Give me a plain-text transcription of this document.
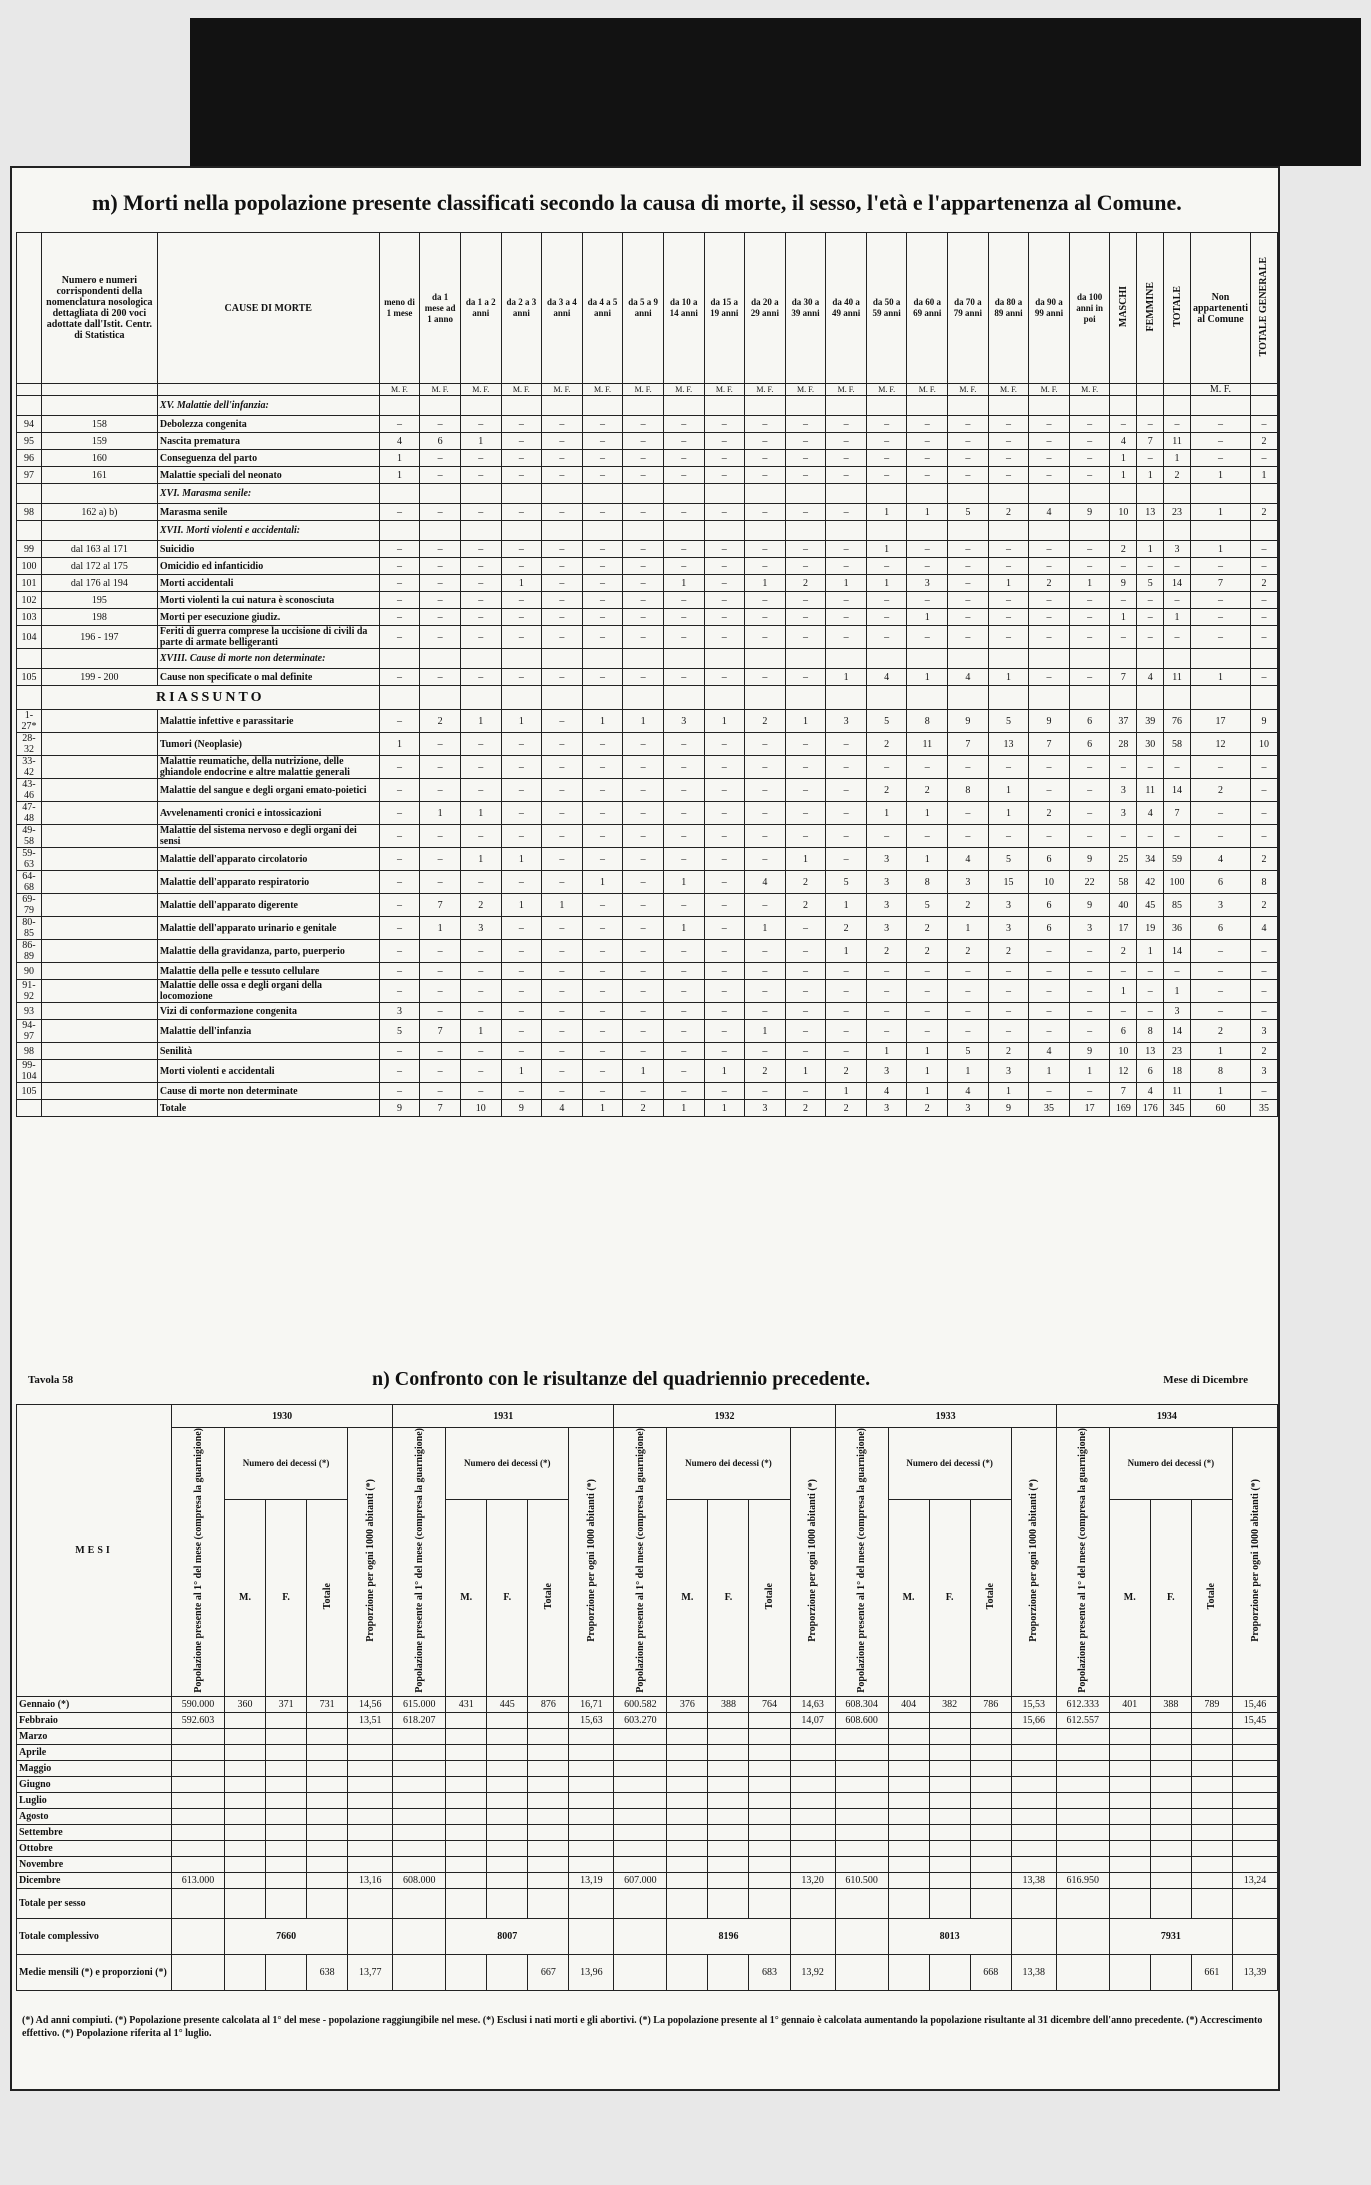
m) Morti nella popolazione presente classificati secondo la causa di morte, il sesso, l'età e l'appartenenza al Comune.
	Numero e numeri corrispondenti della nomenclatura nosologica dettagliata di 200 voci adottate dall'Istit. Centr. di Statistica	CAUSE DI MORTE	meno di 1 mese	da 1 mese ad 1 anno	da 1 a 2 anni	da 2 a 3 anni	da 3 a 4 anni	da 4 a 5 anni	da 5 a 9 anni	da 10 a 14 anni	da 15 a 19 anni	da 20 a 29 anni	da 30 a 39 anni	da 40 a 49 anni	da 50 a 59 anni	da 60 a 69 anni	da 70 a 79 anni	da 80 a 89 anni	da 90 a 99 anni	da 100 anni in poi	MASCHI	FEMMINE	TOTALE	Non appartenenti al Comune	TOTALE GENERALE
			M. F.	M. F.	M. F.	M. F.	M. F.	M. F.	M. F.	M. F.	M. F.	M. F.	M. F.	M. F.	M. F.	M. F.	M. F.	M. F.	M. F.	M. F.				M. F.	
		XV. Malattie dell'infanzia:																							
94	158	Debolezza congenita	–	–	–	–	–	–	–	–	–	–	–	–	–	–	–	–	–	–	–	–	–	–	–
95	159	Nascita prematura	4	6	1	–	–	–	–	–	–	–	–	–	–	–	–	–	–	–	4	7	11	–	2
96	160	Conseguenza del parto	1	–	–	–	–	–	–	–	–	–	–	–	–	–	–	–	–	–	1	–	1	–	–
97	161	Malattie speciali del neonato	1	–	–	–	–	–	–	–	–	–	–	–	–	–	–	–	–	–	1	1	2	1	1
		XVI. Marasma senile:																							
98	162 a) b)	Marasma senile	–	–	–	–	–	–	–	–	–	–	–	–	1	1	5	2	4	9	10	13	23	1	2
		XVII. Morti violenti e accidentali:																							
99	dal 163 al 171	Suicidio	–	–	–	–	–	–	–	–	–	–	–	–	1	–	–	–	–	–	2	1	3	1	–
100	dal 172 al 175	Omicidio ed infanticidio	–	–	–	–	–	–	–	–	–	–	–	–	–	–	–	–	–	–	–	–	–	–	–
101	dal 176 al 194	Morti accidentali	–	–	–	1	–	–	–	1	–	1	2	1	1	3	–	1	2	1	9	5	14	7	2
102	195	Morti violenti la cui natura è sconosciuta	–	–	–	–	–	–	–	–	–	–	–	–	–	–	–	–	–	–	–	–	–	–	–
103	198	Morti per esecuzione giudiz.	–	–	–	–	–	–	–	–	–	–	–	–	–	1	–	–	–	–	1	–	1	–	–
104	196 - 197	Feriti di guerra comprese la uccisione di civili da parte di armate belligeranti	–	–	–	–	–	–	–	–	–	–	–	–	–	–	–	–	–	–	–	–	–	–	–
		XVIII. Cause di morte non determinate:																							
105	199 - 200	Cause non specificate o mal definite	–	–	–	–	–	–	–	–	–	–	–	1	4	1	4	1	–	–	7	4	11	1	–
	RIASSUNTO																								
1-27*		Malattie infettive e parassitarie	–	2	1	1	–	1	1	3	1	2	1	3	5	8	9	5	9	6	37	39	76	17	9
28-32		Tumori (Neoplasie)	1	–	–	–	–	–	–	–	–	–	–	–	2	11	7	13	7	6	28	30	58	12	10
33-42		Malattie reumatiche, della nutrizione, delle ghiandole endocrine e altre malattie generali	–	–	–	–	–	–	–	–	–	–	–	–	–	–	–	–	–	–	–	–	–	–	–
43-46		Malattie del sangue e degli organi emato-poietici	–	–	–	–	–	–	–	–	–	–	–	–	2	2	8	1	–	–	3	11	14	2	–
47-48		Avvelenamenti cronici e intossicazioni	–	1	1	–	–	–	–	–	–	–	–	–	1	1	–	1	2	–	3	4	7	–	–
49-58		Malattie del sistema nervoso e degli organi dei sensi	–	–	–	–	–	–	–	–	–	–	–	–	–	–	–	–	–	–	–	–	–	–	–
59-63		Malattie dell'apparato circolatorio	–	–	1	1	–	–	–	–	–	–	1	–	3	1	4	5	6	9	25	34	59	4	2
64-68		Malattie dell'apparato respiratorio	–	–	–	–	–	1	–	1	–	4	2	5	3	8	3	15	10	22	58	42	100	6	8
69-79		Malattie dell'apparato digerente	–	7	2	1	1	–	–	–	–	–	2	1	3	5	2	3	6	9	40	45	85	3	2
80-85		Malattie dell'apparato urinario e genitale	–	1	3	–	–	–	–	1	–	1	–	2	3	2	1	3	6	3	17	19	36	6	4
86-89		Malattie della gravidanza, parto, puerperio	–	–	–	–	–	–	–	–	–	–	–	1	2	2	2	2	–	–	2	1	14	–	–
90		Malattie della pelle e tessuto cellulare	–	–	–	–	–	–	–	–	–	–	–	–	–	–	–	–	–	–	–	–	–	–	–
91-92		Malattie delle ossa e degli organi della locomozione	–	–	–	–	–	–	–	–	–	–	–	–	–	–	–	–	–	–	1	–	1	–	–
93		Vizi di conformazione congenita	3	–	–	–	–	–	–	–	–	–	–	–	–	–	–	–	–	–	–	–	3	–	–
94-97		Malattie dell'infanzia	5	7	1	–	–	–	–	–	–	1	–	–	–	–	–	–	–	–	6	8	14	2	3
98		Senilità	–	–	–	–	–	–	–	–	–	–	–	–	1	1	5	2	4	9	10	13	23	1	2
99-104		Morti violenti e accidentali	–	–	–	1	–	–	1	–	1	2	1	2	3	1	1	3	1	1	12	6	18	8	3
105		Cause di morte non determinate	–	–	–	–	–	–	–	–	–	–	–	1	4	1	4	1	–	–	7	4	11	1	–
		Totale	9	7	10	9	4	1	2	1	1	3	2	2	3	2	3	9	35	17	169	176	345	60	35
Tavola 58	n) Confronto con le risultanze del quadriennio precedente.	Mese di Dicembre
MESI	1930					1931					1932					1933					1934				
	Popolazione presente al 1° del mese (compresa la guarnigione)	Numero dei decessi (*)			Proporzione per ogni 1000 abitanti (*)	Popolazione presente al 1° del mese (compresa la guarnigione)	Numero dei decessi (*)			Proporzione per ogni 1000 abitanti (*)	Popolazione presente al 1° del mese (compresa la guarnigione)	Numero dei decessi (*)			Proporzione per ogni 1000 abitanti (*)	Popolazione presente al 1° del mese (compresa la guarnigione)	Numero dei decessi (*)			Proporzione per ogni 1000 abitanti (*)	Popolazione presente al 1° del mese (compresa la guarnigione)	Numero dei decessi (*)			Proporzione per ogni 1000 abitanti (*)
		M.	F.	Totale			M.	F.	Totale			M.	F.	Totale			M.	F.	Totale			M.	F.	Totale	
Gennaio (*)	590.000	360	371	731	14,56	615.000	431	445	876	16,71	600.582	376	388	764	14,63	608.304	404	382	786	15,53	612.333	401	388	789	15,46
Febbraio	592.603				13,51	618.207				15,63	603.270				14,07	608.600				15,66	612.557				15,45
Marzo																									
Aprile																									
Maggio																									
Giugno																									
Luglio																									
Agosto																									
Settembre																									
Ottobre																									
Novembre																									
Dicembre	613.000				13,16	608.000				13,19	607.000				13,20	610.500				13,38	616.950				13,24
Totale per sesso																									
Totale complessivo		7660					8007					8196					8013					7931			
Medie mensili (*) e proporzioni (*)				638	13,77				667	13,96				683	13,92				668	13,38				661	13,39
(*) Ad anni compiuti. (*) Popolazione presente calcolata al 1° del mese - popolazione raggiungibile nel mese. (*) Esclusi i nati morti e gli abortivi. (*) La popolazione presente al 1° gennaio è calcolata aumentando la popolazione risultante al 31 dicembre dell'anno precedente. (*) Accrescimento effettivo. (*) Popolazione riferita al 1° luglio.
